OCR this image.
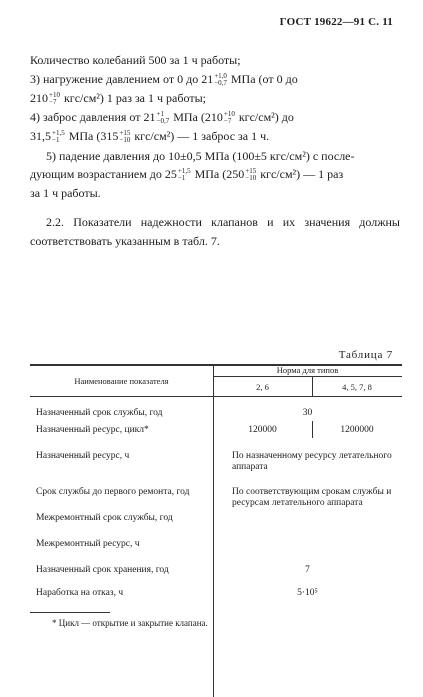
ГОСТ 19622—91 С. 11
Количество колебаний 500 за 1 ч работы;
3) нагружение давлением от 0 до 21 +1,0
−0,7 МПа (от 0 до
210 +10
−7 кгс/см²) 1 раз за 1 ч работы;
4) заброс давления от 21 +1
−0,7 МПа (210 +10
−7 кгс/см²) до
31,5 +1,5
−1 МПа (315 +15
−10 кгс/см²) — 1 заброс за 1 ч.
5) падение давления до 10±0,5 МПа (100±5 кгс/см²) с после-
дующим возрастанием до 25 +1,5
−1 МПа (250 +15
−10 кгс/см²) — 1 раз
за 1 ч работы.
2.2. Показатели надежности клапанов и их значения должны соответствовать указанным в табл. 7.
Таблица 7
Наименование показателя
Норма для типов
2, 6	4, 5, 7, 8
Назначенный срок службы, год	30
Назначенный ресурс, цикл*	120000	1200000
Назначенный ресурс, ч	По назначенному ресурсу летательного аппарата
Срок службы до первого ремонта, год	По соответствующим срокам службы и ресурсам летательного аппарата
Межремонтный срок службы, год
Межремонтный ресурс, ч
Назначенный срок хранения, год	7
Наработка на отказ, ч	5·10⁵
* Цикл — открытие и закрытие клапана.
